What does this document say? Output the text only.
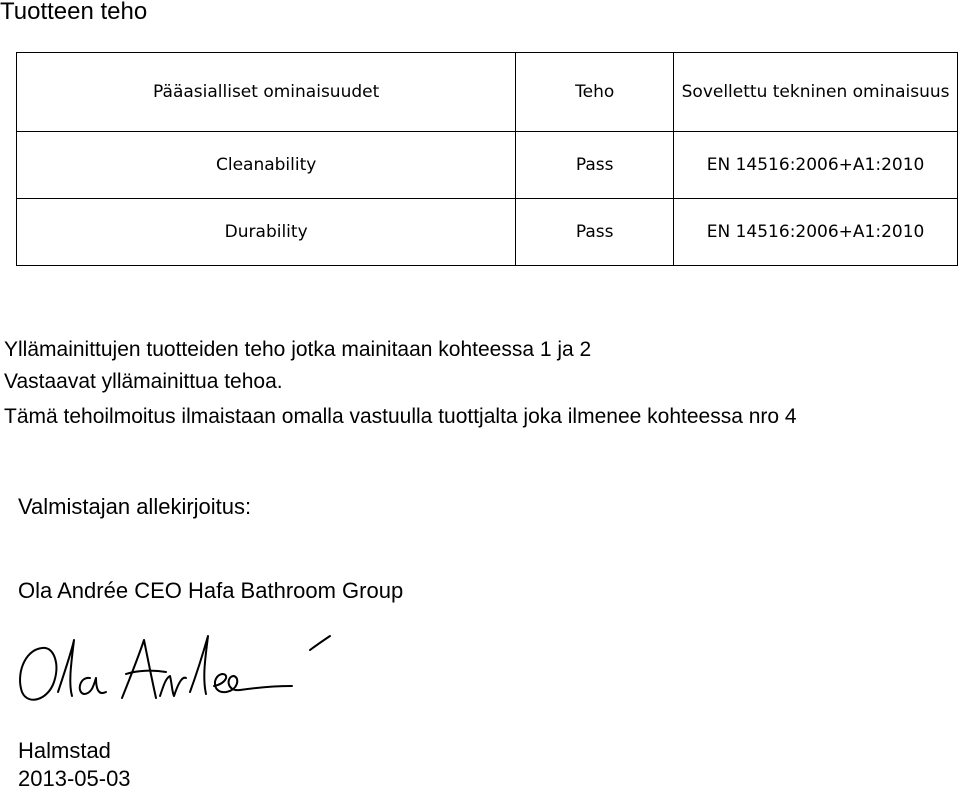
Tuotteen teho
Pääasialliset ominaisuudet	Teho	Sovellettu tekninen ominaisuus
Cleanability	Pass	EN 14516:2006+A1:2010
Durability	Pass	EN 14516:2006+A1:2010
Yllämainittujen tuotteiden teho jotka mainitaan kohteessa 1 ja 2
Vastaavat yllämainittua tehoa.
Tämä tehoilmoitus ilmaistaan omalla vastuulla tuottjalta joka ilmenee kohteessa nro 4
Valmistajan allekirjoitus:
Ola Andrée CEO Hafa Bathroom Group
Halmstad
2013-05-03
